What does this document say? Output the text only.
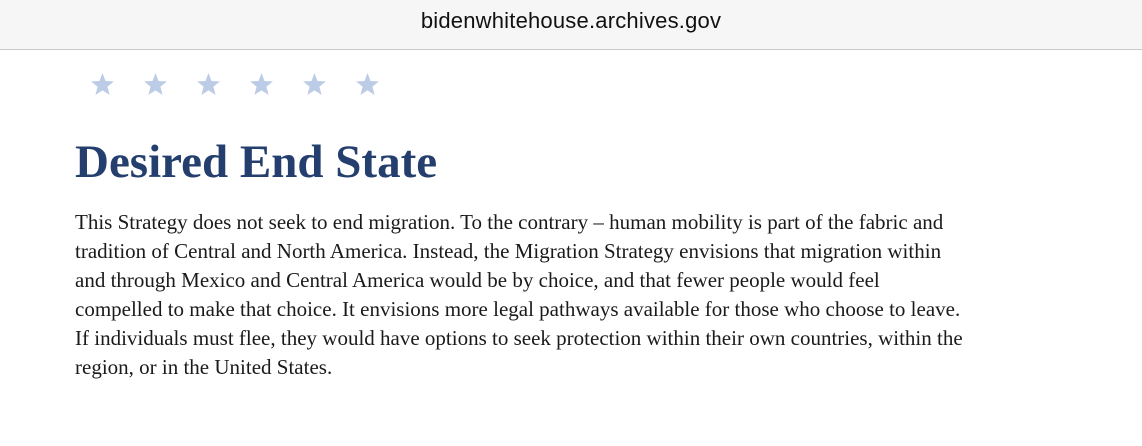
bidenwhitehouse.archives.gov
Desired End State

This Strategy does not seek to end migration. To the contrary – human mobility is part of the fabric and
tradition of Central and North America. Instead, the Migration Strategy envisions that migration within
and through Mexico and Central America would be by choice, and that fewer people would feel
compelled to make that choice. It envisions more legal pathways available for those who choose to leave.
If individuals must flee, they would have options to seek protection within their own countries, within the
region, or in the United States.
